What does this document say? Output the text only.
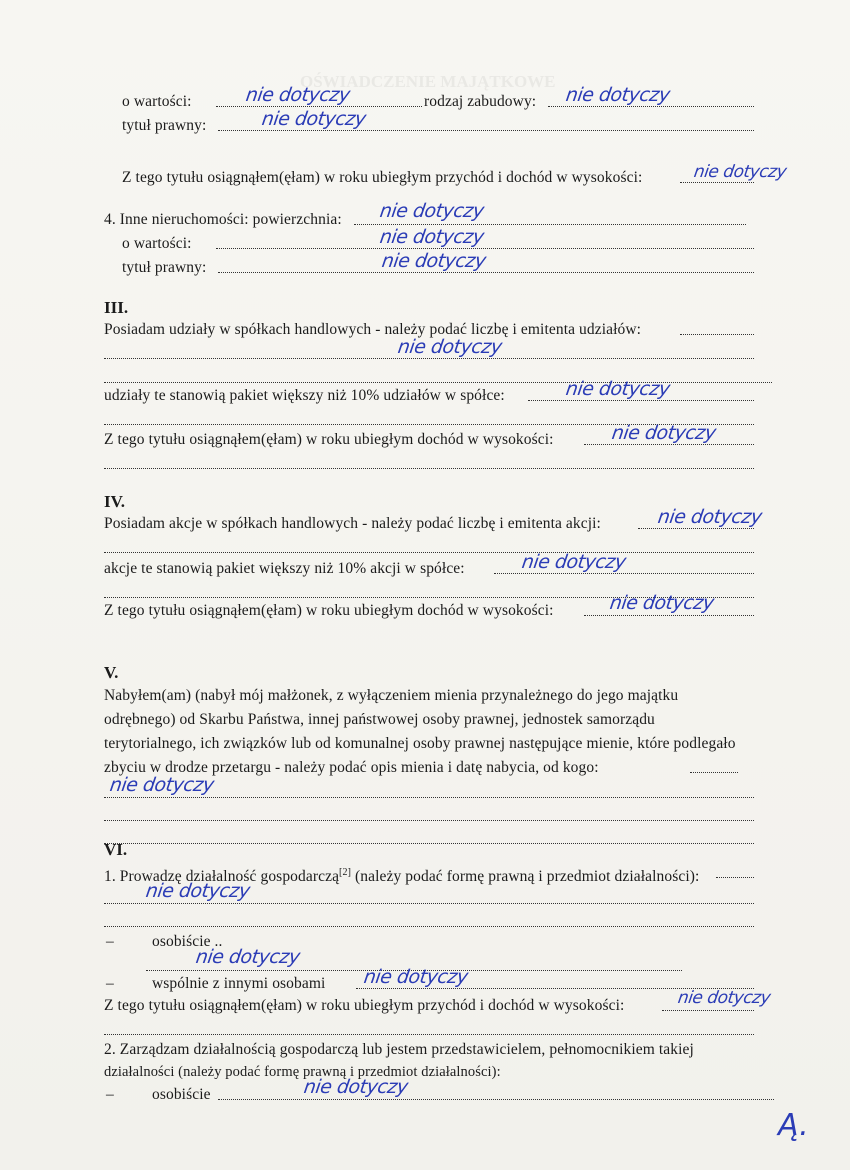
OŚWIADCZENIE MAJĄTKOWE
o wartości:	nie dotyczy	rodzaj zabudowy: nie dotyczy
tytuł prawny:	nie dotyczy
Z tego tytułu osiągnąłem(ęłam) w roku ubiegłym przychód i dochód w wysokości:	nie dotyczy
4. Inne nieruchomości: powierzchnia: nie dotyczy
o wartości:	nie dotyczy
tytuł prawny:	nie dotyczy
III.
Posiadam udziały w spółkach handlowych - należy podać liczbę i emitenta udziałów:
nie dotyczy
udziały te stanowią pakiet większy niż 10% udziałów w spółce:	nie dotyczy
Z tego tytułu osiągnąłem(ęłam) w roku ubiegłym dochód w wysokości:	nie dotyczy
IV.
Posiadam akcje w spółkach handlowych - należy podać liczbę i emitenta akcji:	nie dotyczy
akcje te stanowią pakiet większy niż 10% akcji w spółce:	nie dotyczy
Z tego tytułu osiągnąłem(ęłam) w roku ubiegłym dochód w wysokości:	nie dotyczy
V.
Nabyłem(am) (nabył mój małżonek, z wyłączeniem mienia przynależnego do jego majątku
odrębnego) od Skarbu Państwa, innej państwowej osoby prawnej, jednostek samorządu
terytorialnego, ich związków lub od komunalnej osoby prawnej następujące mienie, które podlegało
zbyciu w drodze przetargu - należy podać opis mienia i datę nabycia, od kogo:
nie dotyczy
VI.
1. Prowadzę działalność gospodarczą[2] (należy podać formę prawną i przedmiot działalności):
nie dotyczy
– osobiście ..
nie dotyczy
– wspólnie z innymi osobami nie dotyczy
Z tego tytułu osiągnąłem(ęłam) w roku ubiegłym przychód i dochód w wysokości:	nie dotyczy
2. Zarządzam działalnością gospodarczą lub jestem przedstawicielem, pełnomocnikiem takiej
działalności (należy podać formę prawną i przedmiot działalności):
– osobiście	nie dotyczy
Ą.
